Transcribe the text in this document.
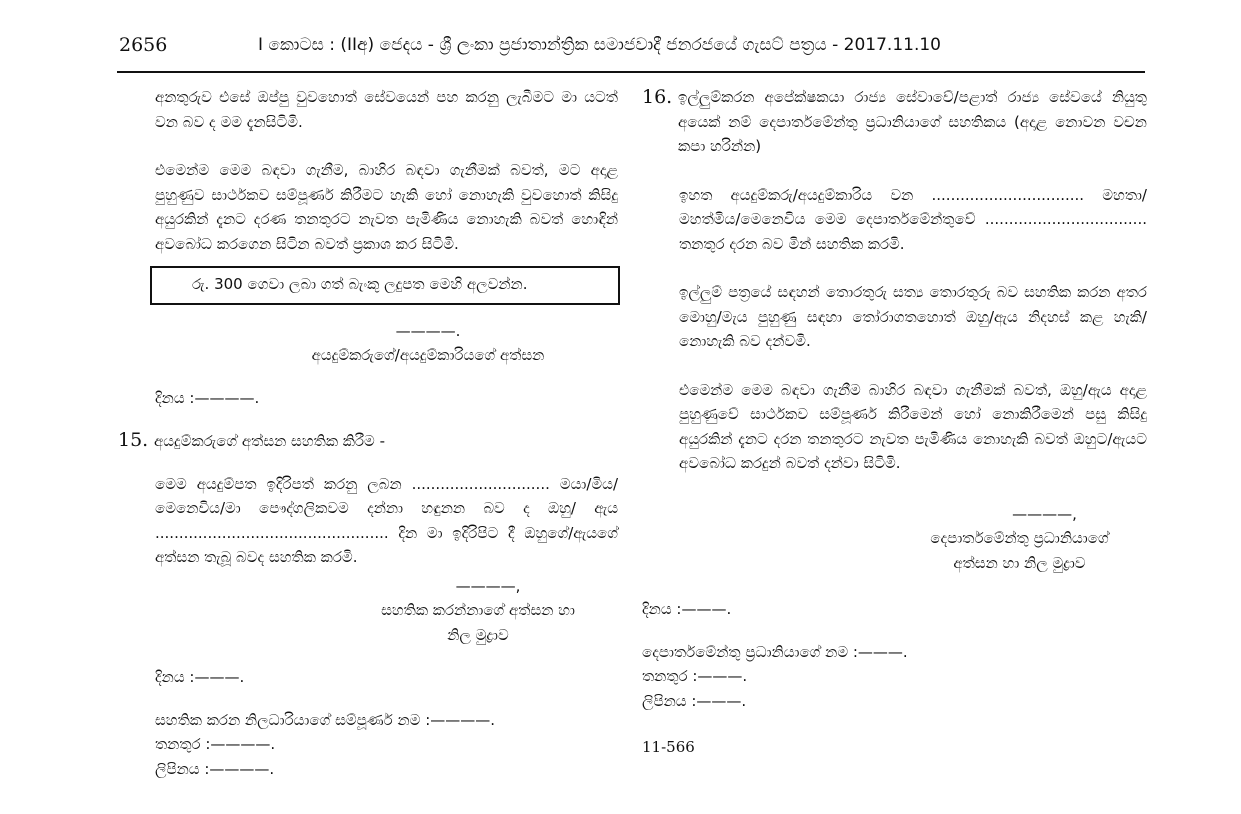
2656	I කොටස : (IIඅ) ජෙදය - ශ්‍රී ලංකා ප්‍රජාතාන්ත්‍රික සමාජවාදී ජනරජයේ ගැසට් පත්‍රය - 2017.11.10

අනතුරුව එසේ ඔප්පු වුවහොත් සේවයෙන් පහ කරනු ලැබීමට මා යටත් වන බව ද මම දැනසිටිමි.

එමෙන්ම මෙම බඳවා ගැනීම, බාහිර බඳවා ගැනීමක් බවත්, මට අදාළ පුහුණුව සාර්ථකව සම්පූර්ණ කිරීමට හැකි හෝ නොහැකි වුවහොත් කිසිදු අයුරකින් දැනට දරණ තනතුරට නැවත පැමිණිය නොහැකි බවත් හොඳින් අවබෝධ කරගෙන සිටින බවත් ප්‍රකාශ කර සිටිමි.

රු. 300 ගෙවා ලබා ගත් බැංකු ලදුපත මෙහි අලවන්න.
————.
අයදුම්කරුගේ/අයදුම්කාරියගේ අත්සන
දිනය :————.
15. අයදුම්කරුගේ අත්සන සහතික කිරීම -

මෙම අයදුම්පත ඉදිරිපත් කරනු ලබන ............................. මයා/මිය/මෙනෙවිය/මා පෞද්ගලිකවම දන්නා හඳුනන බව ද ඔහු/ ඇය ................................................. දින මා ඉදිරිපිට දී ඔහුගේ/ඇයගේ අත්සන තැබූ බවද සහතික කරමි.

————,
සහතික කරන්නාගේ අත්සන හා
නිල මුද්‍රාව
දිනය :———.
සහතික කරන නිලධාරියාගේ සම්පූර්ණ නම :————.
තනතුර :————.
ලිපිනය :————.
16. ඉල්ලුම්කරන අපේක්ෂකයා රාජ්‍ය සේවාවේ/පළාත් රාජ්‍ය සේවයේ නියුතු අයෙක් නම් දෙපාර්තමේන්තු ප්‍රධානියාගේ සහතිකය (අදාළ නොවන වචන කපා හරින්න)

ඉහත අයදුම්කරු/අයදුම්කාරිය වන ................................ මහතා/මහත්මිය/මෙනෙවිය මෙම දෙපාර්තමේන්තුවේ .................................. තනතුර දරන බව මින් සහතික කරමි.

ඉල්ලුම් පත්‍රයේ සඳහන් තොරතුරු සත්‍ය තොරතුරු බව සහතික කරන අතර මොහු/මැය පුහුණු සඳහා තෝරාගතහොත් ඔහු/ඇය නිදහස් කළ හැකි/නොහැකි බව දන්වමි.

එමෙන්ම මෙම බඳවා ගැනීම බාහිර බඳවා ගැනීමක් බවත්, ඔහු/ඇය අදාළ පුහුණුවේ සාර්ථකව සම්පූර්ණ කිරීමෙන් හෝ නොකිරීමෙන් පසු කිසිදු අයුරකින් දැනට දරන තනතුරට නැවත පැමිණිය නොහැකි බවත් ඔහුට/ඇයට අවබෝධ කරදුන් බවත් දන්වා සිටිමි.

————,
දෙපාර්තමේන්තු ප්‍රධානියාගේ
අත්සන හා නිල මුද්‍රාව
දිනය :———.
දෙපාර්තමේන්තු ප්‍රධානියාගේ නම :———.
තනතුර :———.
ලිපිනය :———.
11-566
